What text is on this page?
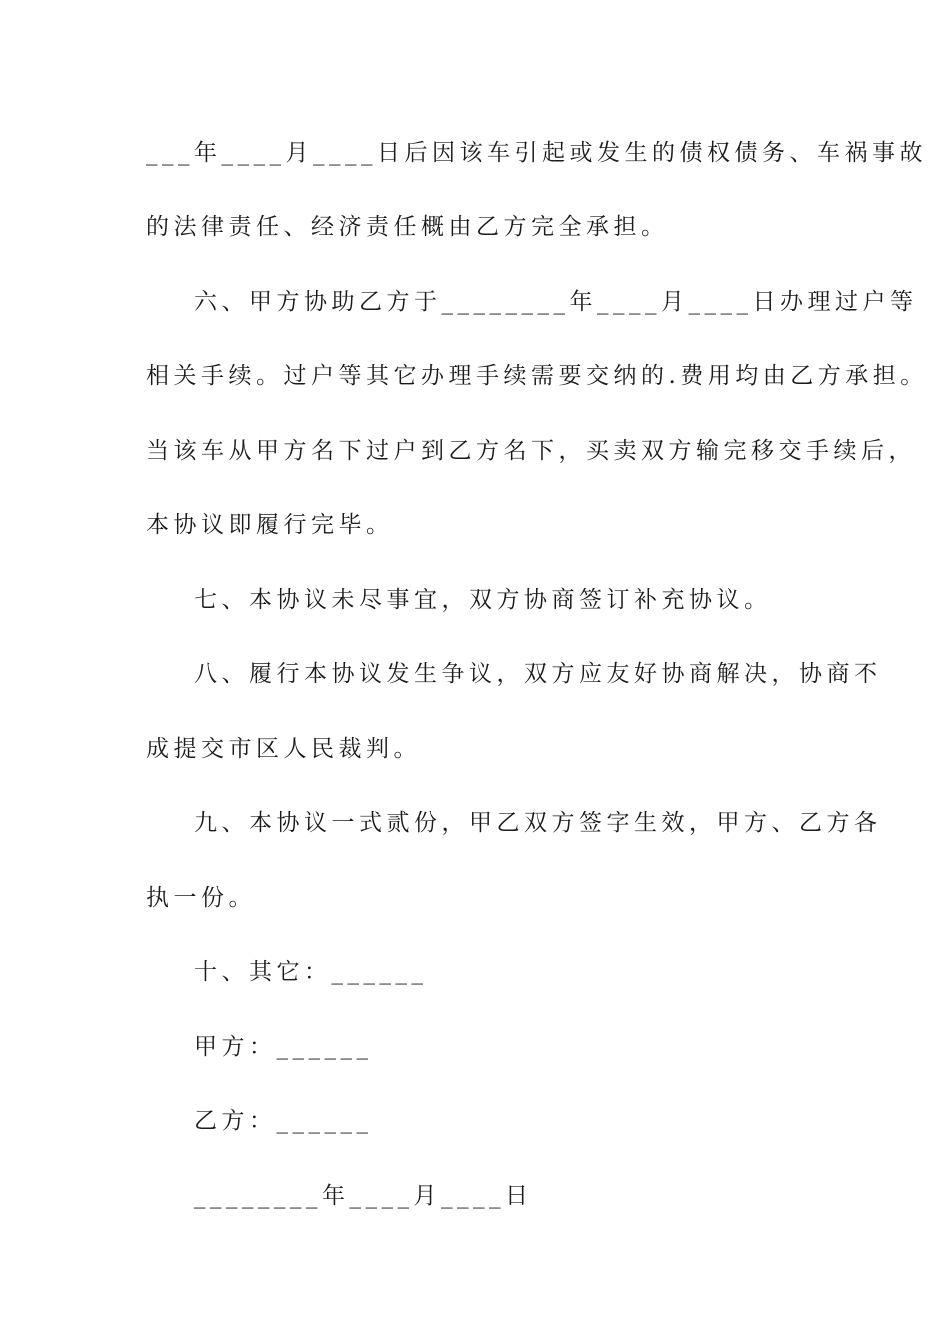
___年____月____日后因该车引起或发生的债权债务、车祸事故
的法律责任、经济责任概由乙方完全承担。
六、甲方协助乙方于________年____月____日办理过户等
相关手续。过户等其它办理手续需要交纳的.费用均由乙方承担。
当该车从甲方名下过户到乙方名下，买卖双方输完移交手续后，
本协议即履行完毕。
七、本协议未尽事宜，双方协商签订补充协议。
八、履行本协议发生争议，双方应友好协商解决，协商不
成提交市区人民裁判。
九、本协议一式贰份，甲乙双方签字生效，甲方、乙方各
执一份。
十、其它：______
甲方：______
乙方：______
________年____月____日
